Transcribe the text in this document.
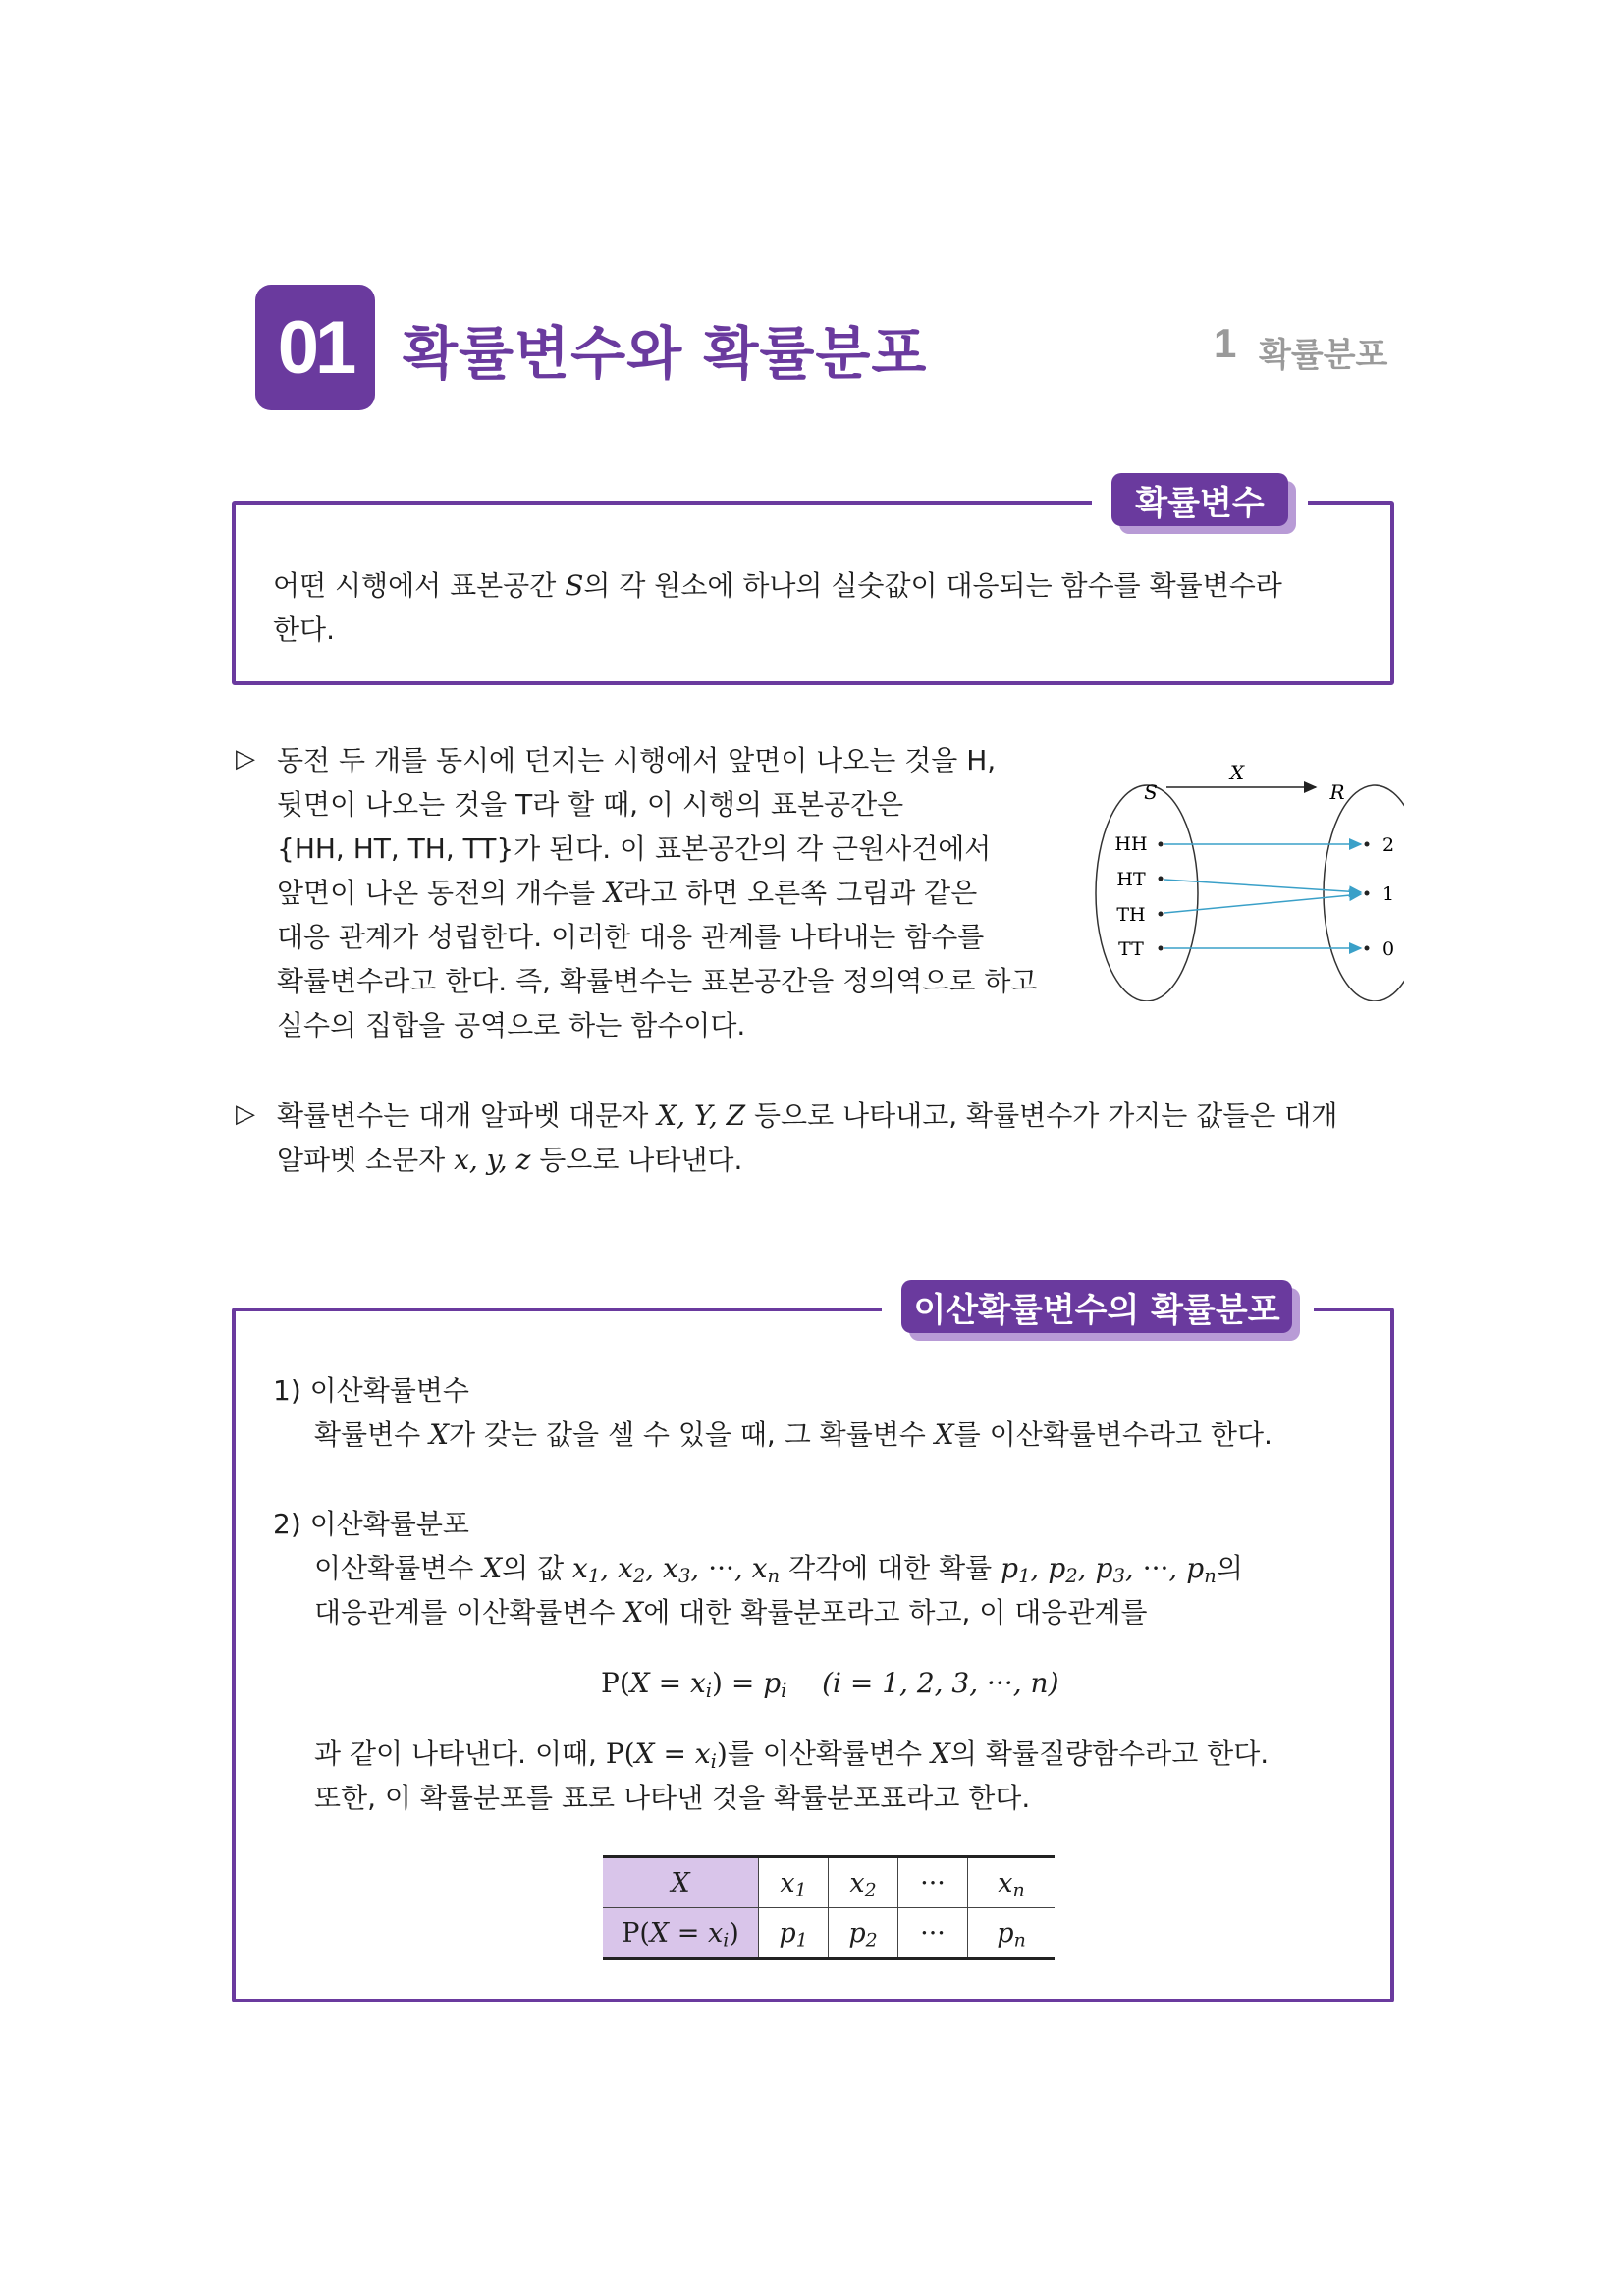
01 확률변수와 확률분포	1 확률분포
확률변수
어떤 시행에서 표본공간 S의 각 원소에 하나의 실숫값이 대응되는 함수를 확률변수라
한다.
▷ 동전 두 개를 동시에 던지는 시행에서 앞면이 나오는 것을 H,
뒷면이 나오는 것을 T라 할 때, 이 시행의 표본공간은
{HH, HT, TH, TT}가 된다. 이 표본공간의 각 근원사건에서
앞면이 나온 동전의 개수를 X라고 하면 오른쪽 그림과 같은
대응 관계가 성립한다. 이러한 대응 관계를 나타내는 함수를
확률변수라고 한다. 즉, 확률변수는 표본공간을 정의역으로 하고
실수의 집합을 공역으로 하는 함수이다.
X
S	R
HH
HT
TH
TT
2
1
0
▷ 확률변수는 대개 알파벳 대문자 X, Y, Z 등으로 나타내고, 확률변수가 가지는 값들은 대개
알파벳 소문자 x, y, z 등으로 나타낸다.
이산확률변수의 확률분포
1) 이산확률변수
확률변수 X가 갖는 값을 셀 수 있을 때, 그 확률변수 X를 이산확률변수라고 한다.
2) 이산확률분포
이산확률변수 X의 값 $x_1$, $x_2$, $x_3$, ···, $x_n$ 각각에 대한 확률 $p_1$, $p_2$, $p_3$, ···, $p_n$의
대응관계를 이산확률변수 X에 대한 확률분포라고 하고, 이 대응관계를
$P(X = x_i) = p_i$ (i = 1, 2, 3, ···, n)
과 같이 나타낸다. 이때, $P(X = x_i)$를 이산확률변수 X의 확률질량함수라고 한다.
또한, 이 확률분포를 표로 나타낸 것을 확률분포표라고 한다.
X	$x_1$	$x_2$	···	$x_n$
$P(X = x_i)$	$p_1$	$p_2$	···	$p_n$
